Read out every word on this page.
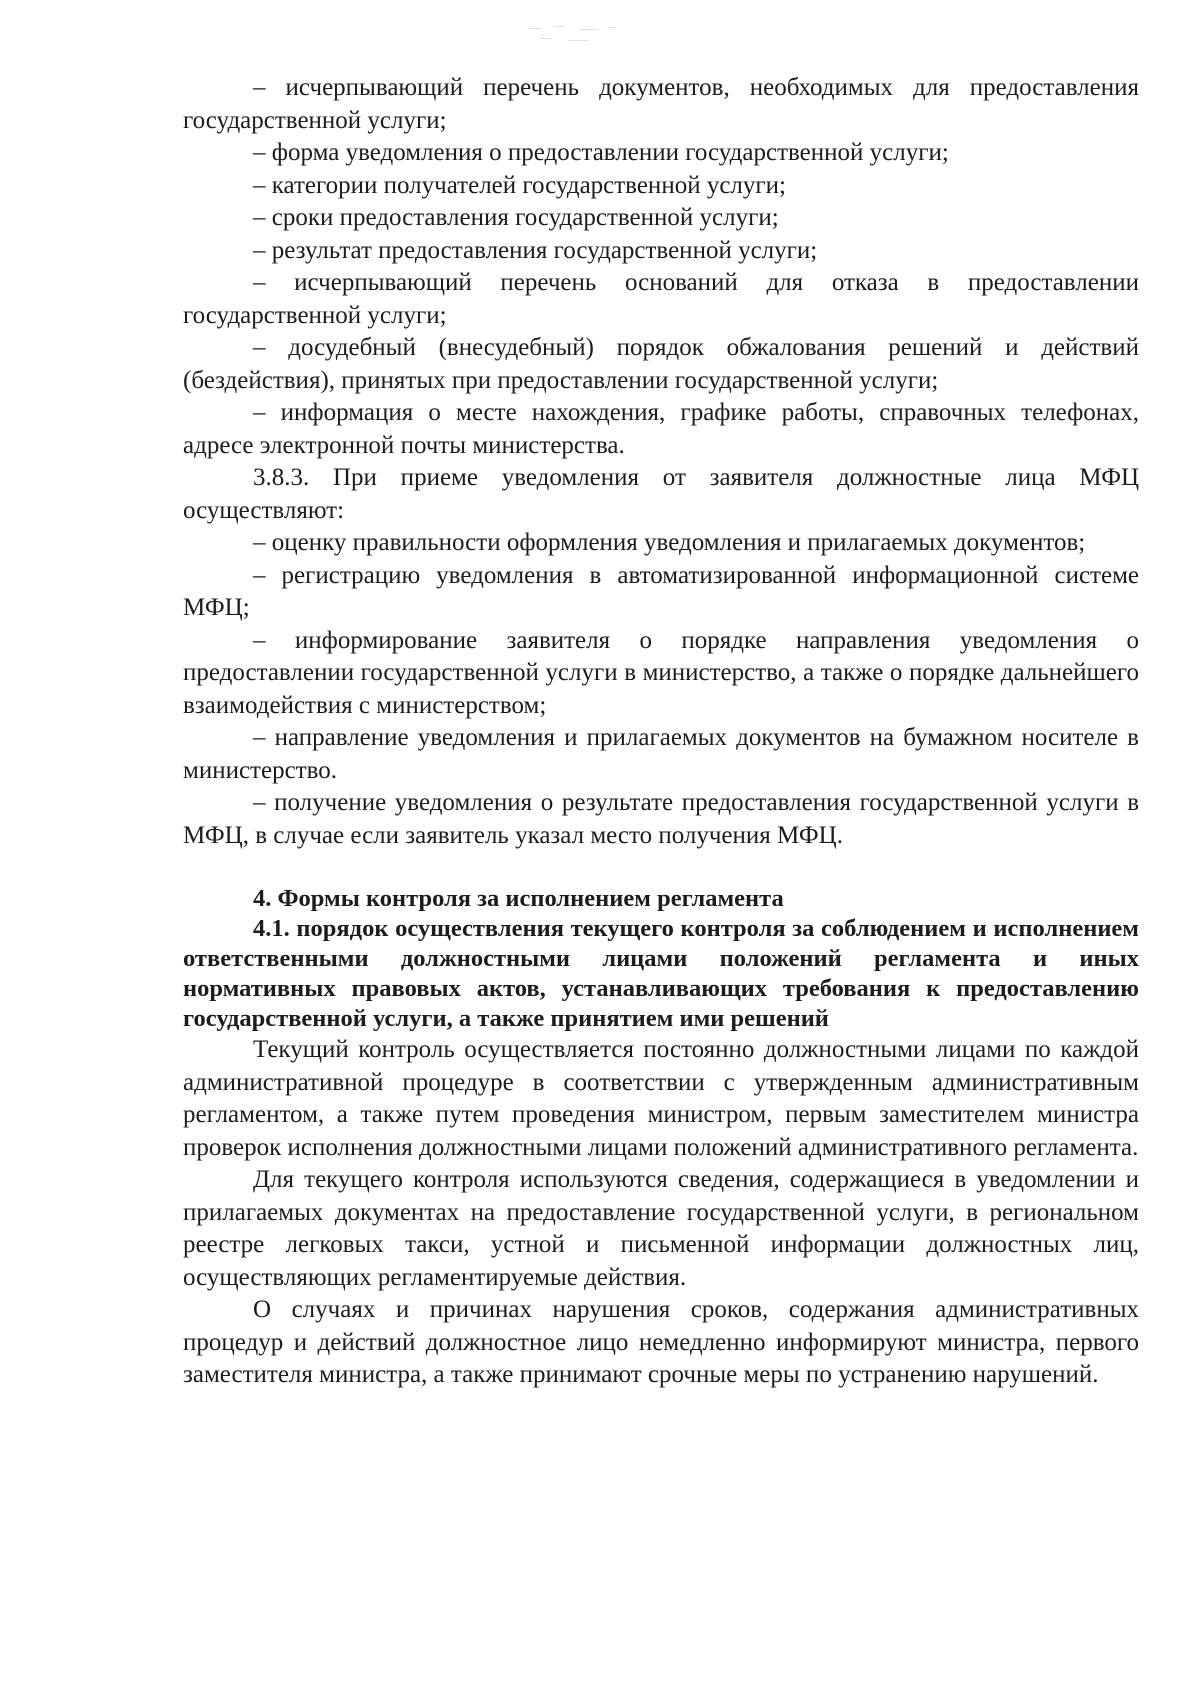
– исчерпывающий перечень документов, необходимых для предоставления государственной услуги;

– форма уведомления о предоставлении государственной услуги;

– категории получателей государственной услуги;

– сроки предоставления государственной услуги;

– результат предоставления государственной услуги;

– исчерпывающий перечень оснований для отказа в предоставлении государственной услуги;

– досудебный (внесудебный) порядок обжалования решений и действий (бездействия), принятых при предоставлении государственной услуги;

– информация о месте нахождения, графике работы, справочных телефонах, адресе электронной почты министерства.

3.8.3. При приеме уведомления от заявителя должностные лица МФЦ осуществляют:

– оценку правильности оформления уведомления и прилагаемых документов;

– регистрацию уведомления в автоматизированной информационной системе МФЦ;

– информирование заявителя о порядке направления уведомления о предоставлении государственной услуги в министерство, а также о порядке дальнейшего взаимодействия с министерством;

– направление уведомления и прилагаемых документов на бумажном носителе в министерство.

– получение уведомления о результате предоставления государственной услуги в МФЦ, в случае если заявитель указал место получения МФЦ.

4. Формы контроля за исполнением регламента
4.1. порядок осуществления текущего контроля за соблюдением и исполнением ответственными должностными лицами положений регламента и иных нормативных правовых актов, устанавливающих требования к предоставлению государственной услуги, а также принятием ими решений

Текущий контроль осуществляется постоянно должностными лицами по каждой административной процедуре в соответствии с утвержденным административным регламентом, а также путем проведения министром, первым заместителем министра проверок исполнения должностными лицами положений административного регламента.

Для текущего контроля используются сведения, содержащиеся в уведомлении и прилагаемых документах на предоставление государственной услуги, в региональном реестре легковых такси, устной и письменной информации должностных лиц, осуществляющих регламентируемые действия.

О случаях и причинах нарушения сроков, содержания административных процедур и действий должностное лицо немедленно информируют министра, первого заместителя министра, а также принимают срочные меры по устранению нарушений.
